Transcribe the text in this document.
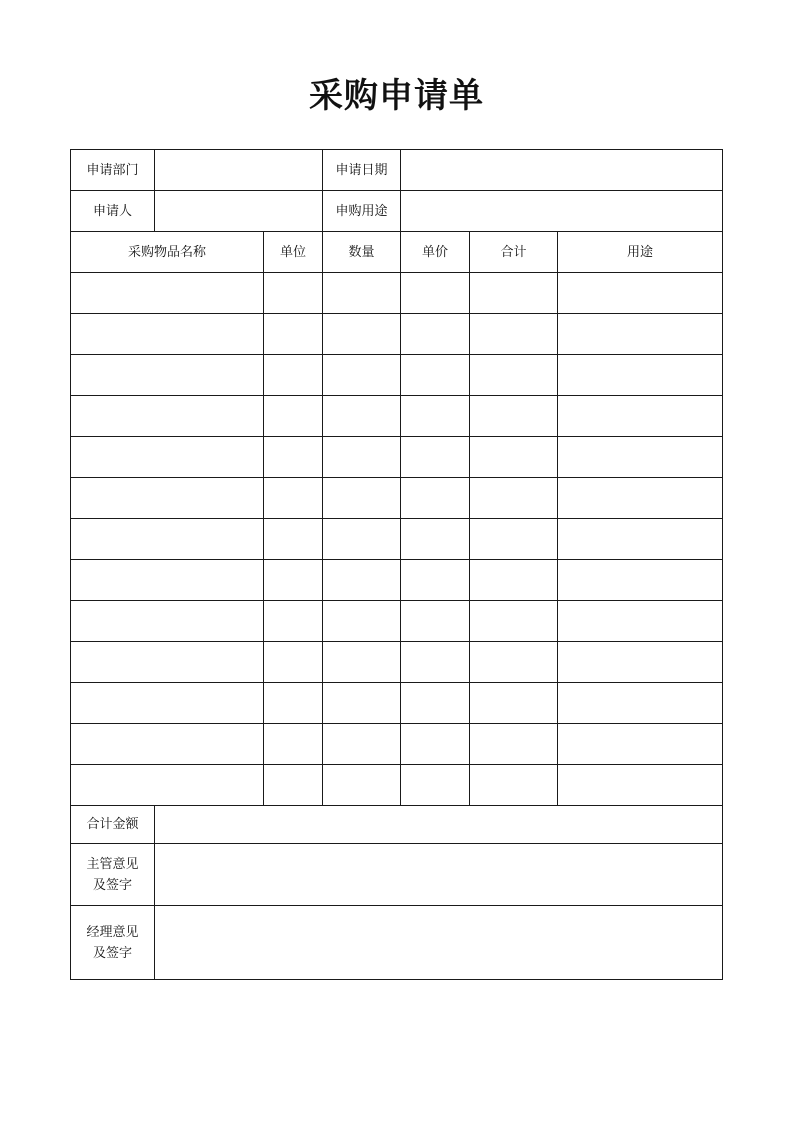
采购申请单
申请部门			申请日期			
申请人			申购用途			
采购物品名称		单位	数量	单价	合计	用途

合计金额						
主管意见及签字						
经理意见及签字						
